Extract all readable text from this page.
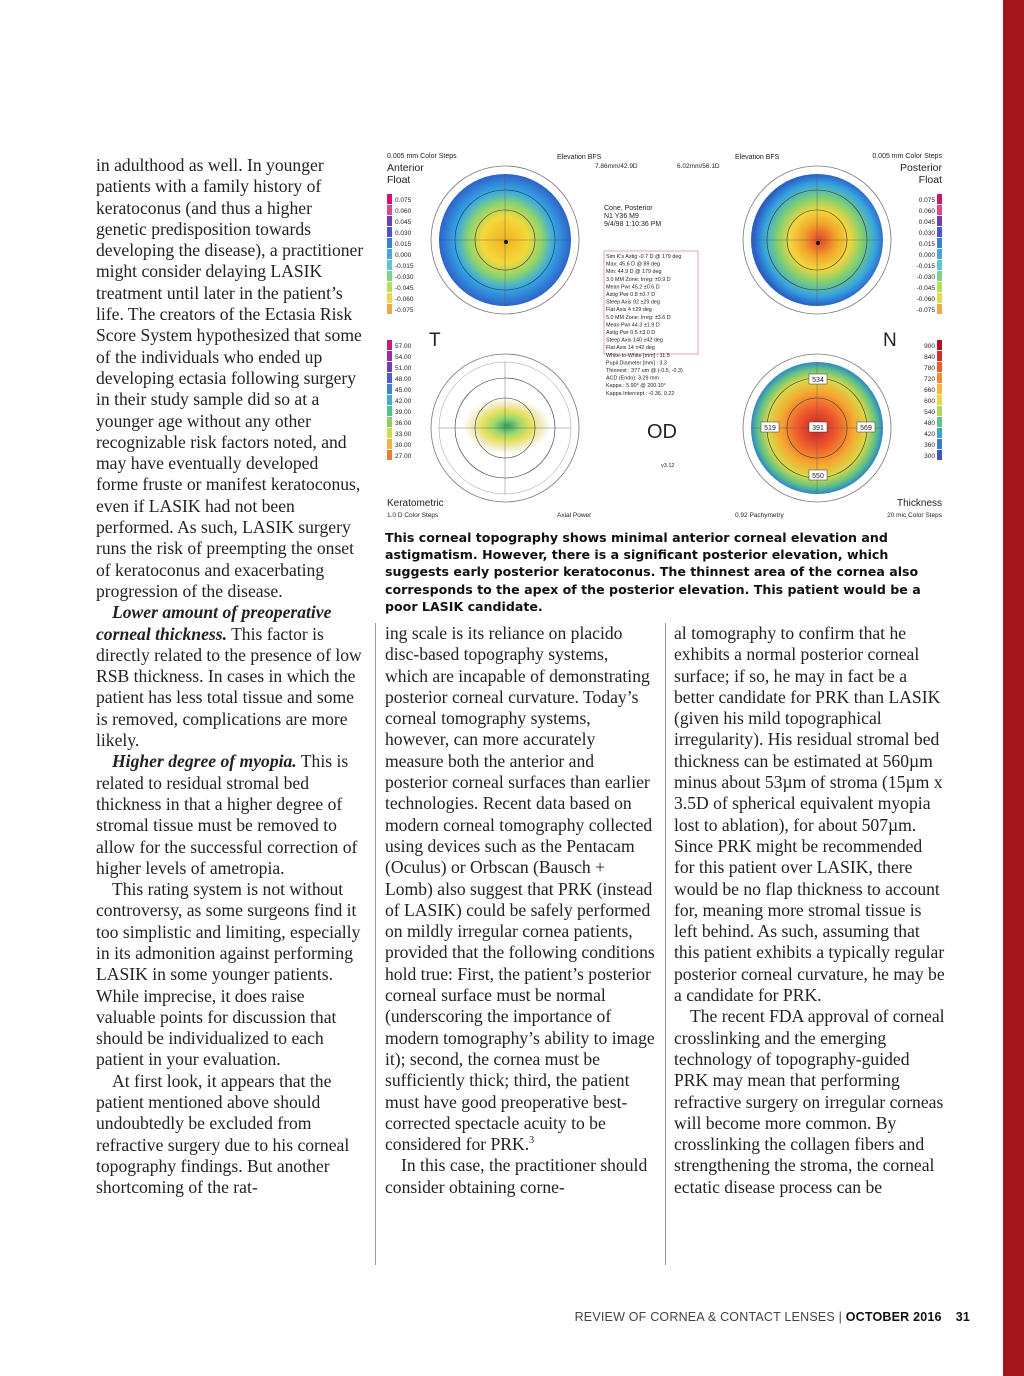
in adulthood as well. In younger patients with a family history of keratoconus (and thus a higher genetic predisposition towards developing the disease), a practitioner might consider delaying LASIK treatment until later in the patient’s life. The creators of the Ectasia Risk Score System hypothesized that some of the individuals who ended up developing ectasia following surgery in their study sample did so at a younger age without any other recognizable risk factors noted, and may have eventually developed forme fruste or manifest keratoconus, even if LASIK had not been performed. As such, LASIK surgery runs the risk of preempting the onset of keratoconus and exacerbating progression of the disease.

Lower amount of preoperative corneal thickness. This factor is directly related to the presence of low RSB thickness. In cases in which the patient has less total tissue and some is removed, complications are more likely.

Higher degree of myopia. This is related to residual stromal bed thickness in that a higher degree of stromal tissue must be removed to allow for the successful correction of higher levels of ametropia.

This rating system is not without controversy, as some surgeons find it too simplistic and limiting, especially in its admonition against performing LASIK in some younger patients. While imprecise, it does raise valuable points for discussion that should be individualized to each patient in your evaluation.

At first look, it appears that the patient mentioned above should undoubtedly be excluded from refractive surgery due to his corneal topography findings. But another shortcoming of the rat-

0.005 mm Color Steps
Anterior
Float
Elevation BFS
7.86mm/42.9D
Elevation BFS
6.02mm/56.1D
0.005 mm Color Steps
Posterior
Float
0.075
0.060
0.045
0.030
0.015
0.000
-0.015
-0.030
-0.045
-0.060
-0.075
57.00
54.00
51.00
48.00
45.00
42.00
39.00
36.00
33.00
30.00
27.00
0.075
0.060
0.045
0.030
0.015
0.000
-0.015
-0.030
-0.045
-0.060
-0.075
900
840
780
720
660
600
540
480
420
360
300
534
519	391	569
550
T	N
OD
Cone, Posterior
N1 Y36 M9
9/4/98 1:10:36 PM
Sim K's Astig -0.7 D @ 179 deg
Max: 45.6 D @ 89 deg
Min: 44.9 D @ 179 deg
3.0 MM Zone: Irreg: ±0.9 D
Mean Pwr 45.2 ±0.6 D
Astig Pwr 0.8 ±0.7 D
Steep Axis 92 ±29 deg
Flat Axis 4 ±29 deg
5.0 MM Zone: Irreg: ±3.6 D
Mean Pwr 44.3 ±1.9 D
Astig Pwr 0.5 ±3.0 D
Steep Axis 140 ±42 deg
Flat Axis 14 ±42 deg
White-to-White [mm] : 11.5
Pupil Diameter [mm] : 3.3
Thinnest : 377 um @ (-0.5, -0.3)
ACD (Endo): 3.29 mm
Kappa : 5.90° @ 200.10°
Kappa Intercept : -0.36, 0.22
v3.12
Keratometric
1.0 D Color Steps	Axial Power	0.92 Pachymetry
Thickness
20 mic Color Steps
This corneal topography shows minimal anterior corneal elevation and astigmatism. However, there is a significant posterior elevation, which suggests early posterior keratoconus. The thinnest area of the cornea also corresponds to the apex of the posterior elevation. This patient would be a poor LASIK candidate.

ing scale is its reliance on placido disc-based topography systems, which are incapable of demonstrating posterior corneal curvature. Today’s corneal tomography systems, however, can more accurately measure both the anterior and posterior corneal surfaces than earlier technologies. Recent data based on modern corneal tomography collected using devices such as the Pentacam (Oculus) or Orbscan (Bausch + Lomb) also suggest that PRK (instead of LASIK) could be safely performed on mildly irregular cornea patients, provided that the following conditions hold true: First, the patient’s posterior corneal surface must be normal (underscoring the importance of modern tomography’s ability to image it); second, the cornea must be sufficiently thick; third, the patient must have good preoperative best-corrected spectacle acuity to be considered for PRK.$^3$

In this case, the practitioner should consider obtaining corne-

al tomography to confirm that he exhibits a normal posterior corneal surface; if so, he may in fact be a better candidate for PRK than LASIK (given his mild topographical irregularity). His residual stromal bed thickness can be estimated at 560µm minus about 53µm of stroma (15µm x 3.5D of spherical equivalent myopia lost to ablation), for about 507µm. Since PRK might be recommended for this patient over LASIK, there would be no flap thickness to account for, meaning more stromal tissue is left behind. As such, assuming that this patient exhibits a typically regular posterior corneal curvature, he may be a candidate for PRK.

The recent FDA approval of corneal crosslinking and the emerging technology of topography-guided PRK may mean that performing refractive surgery on irregular corneas will become more common. By crosslinking the collagen fibers and strengthening the stroma, the corneal ectatic disease process can be

REVIEW OF CORNEA & CONTACT LENSES | OCTOBER 2016 31
